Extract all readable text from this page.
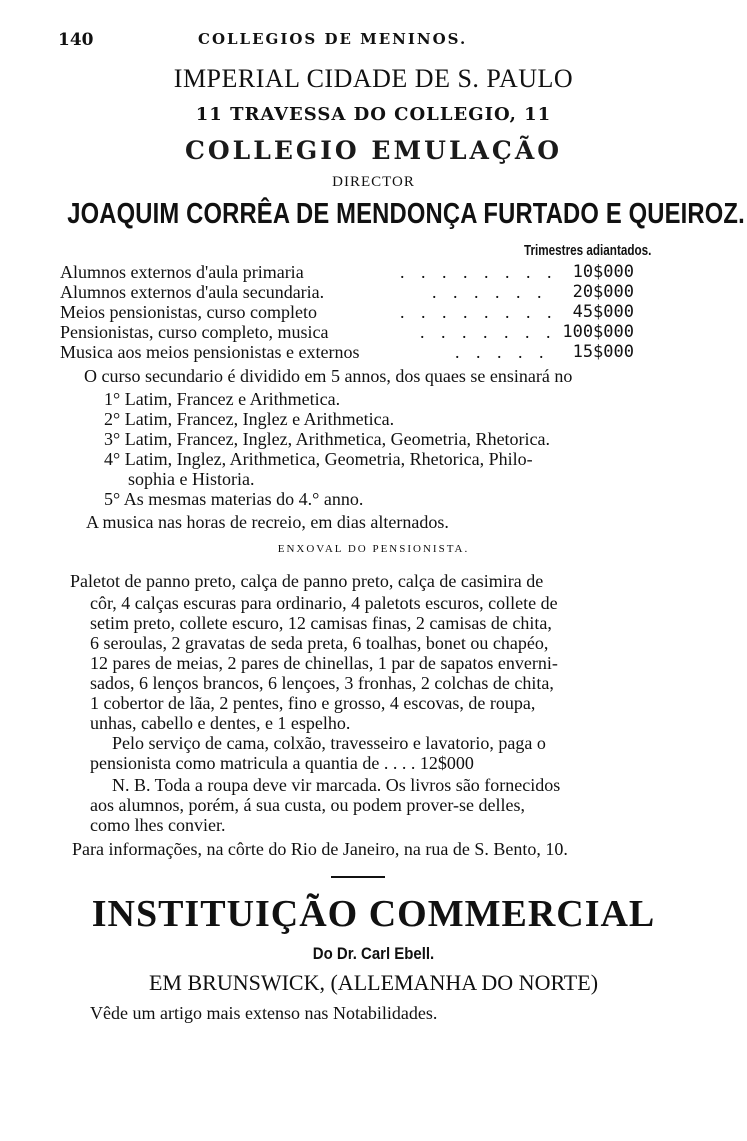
140	COLLEGIOS DE MENINOS.
IMPERIAL CIDADE DE S. PAULO
11 TRAVESSA DO COLLEGIO, 11
COLLEGIO EMULAÇÃO
DIRECTOR
JOAQUIM CORRÊA DE MENDONÇA FURTADO E QUEIROZ.
Trimestres adiantados.
Alumnos externos d'aula primaria	. . . . . . . . 10$000
Alumnos externos d'aula secundaria.	. . . . . . 20$000
Meios pensionistas, curso completo	. . . . . . . . 45$000
Pensionistas, curso completo, musica	. . . . . . . 100$000
Musica aos meios pensionistas e externos	. . . . . 15$000
O curso secundario é dividido em 5 annos, dos quaes se ensinará no
1° Latim, Francez e Arithmetica.
2° Latim, Francez, Inglez e Arithmetica.
3° Latim, Francez, Inglez, Arithmetica, Geometria, Rhetorica.
4° Latim, Inglez, Arithmetica, Geometria, Rhetorica, Philo-
sophia e Historia.
5° As mesmas materias do 4.° anno.
A musica nas horas de recreio, em dias alternados.
ENXOVAL DO PENSIONISTA.
Paletot de panno preto, calça de panno preto, calça de casimira de
côr, 4 calças escuras para ordinario, 4 paletots escuros, collete de
setim preto, collete escuro, 12 camisas finas, 2 camisas de chita,
6 seroulas, 2 gravatas de seda preta, 6 toalhas, bonet ou chapéo,
12 pares de meias, 2 pares de chinellas, 1 par de sapatos enverni-
sados, 6 lenços brancos, 6 lençoes, 3 fronhas, 2 colchas de chita,
1 cobertor de lãa, 2 pentes, fino e grosso, 4 escovas, de roupa,
unhas, cabello e dentes, e 1 espelho.
Pelo serviço de cama, colxão, travesseiro e lavatorio, paga o
pensionista como matricula a quantia de . . . . 12$000
N. B. Toda a roupa deve vir marcada. Os livros são fornecidos
aos alumnos, porém, á sua custa, ou podem prover-se delles,
como lhes convier.
Para informações, na côrte do Rio de Janeiro, na rua de S. Bento, 10.
INSTITUIÇÃO COMMERCIAL
Do Dr. Carl Ebell.
EM BRUNSWICK, (ALLEMANHA DO NORTE)
Vêde um artigo mais extenso nas Notabilidades.
